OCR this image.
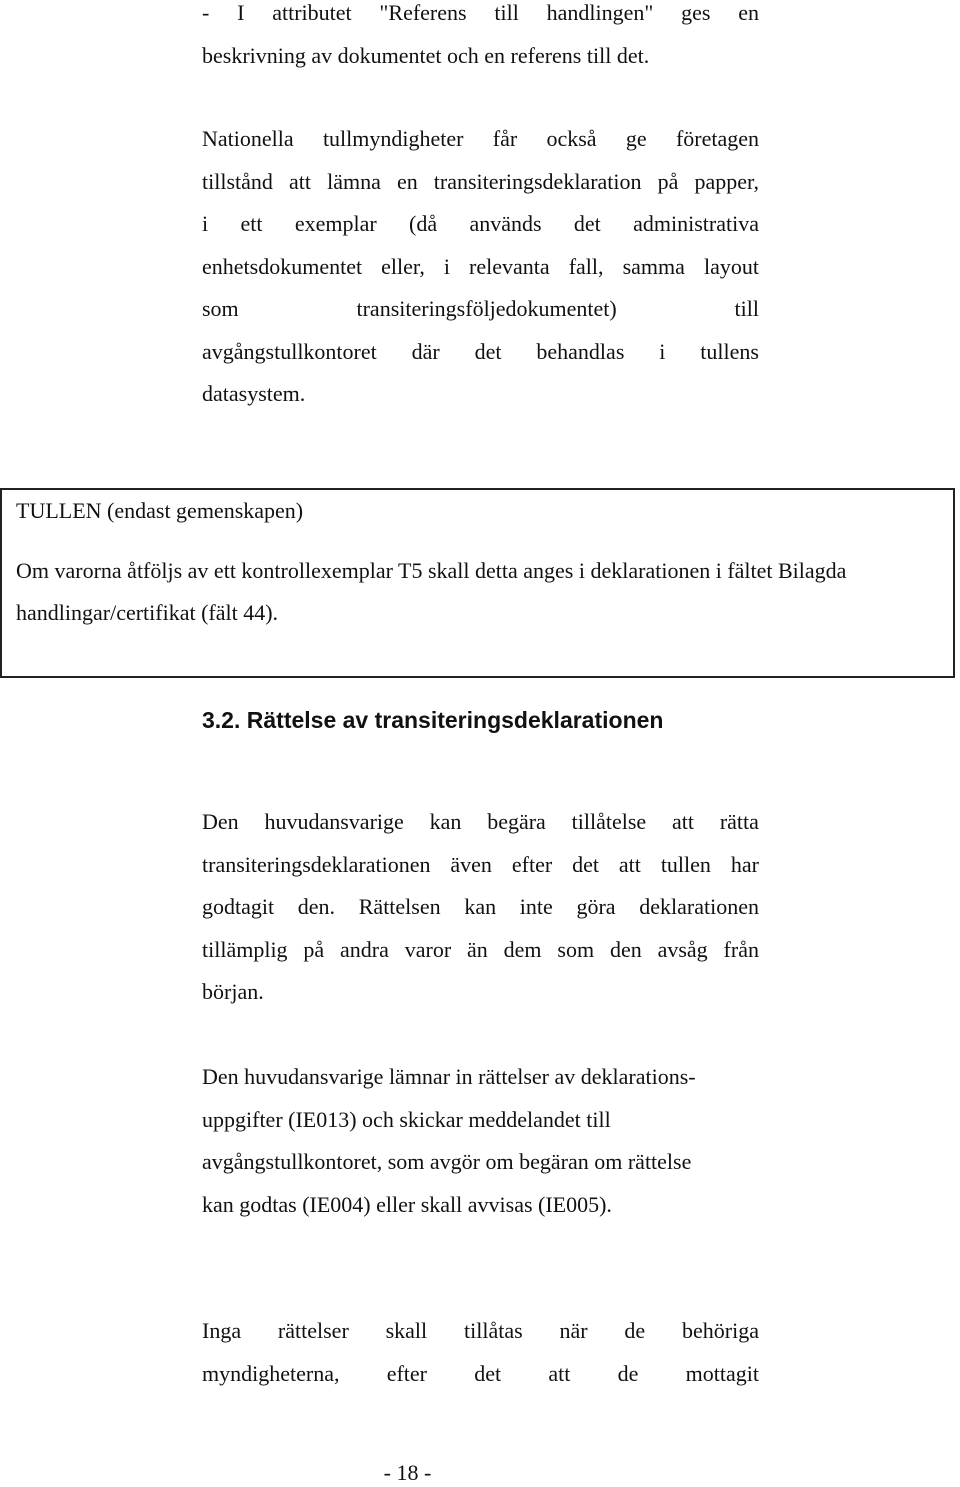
- I attributet "Referens till handlingen" ges en
beskrivning av dokumentet och en referens till det.
Nationella tullmyndigheter får också ge företagen
tillstånd att lämna en transiteringsdeklaration på papper,
i ett exemplar (då används det administrativa
enhetsdokumentet eller, i relevanta fall, samma layout
som	transiteringsföljedokumentet)	till
avgångstullkontoret där det behandlas i tullens
datasystem.

TULLEN (endast gemenskapen)

Om varorna åtföljs av ett kontrollexemplar T5 skall detta anges i deklarationen i fältet Bilagda handlingar/certifikat (fält 44).

3.2. Rättelse av transiteringsdeklarationen
Den huvudansvarige kan begära tillåtelse att rätta
transiteringsdeklarationen även efter det att tullen har
godtagit den. Rättelsen kan inte göra deklarationen
tillämplig på andra varor än dem som den avsåg från
början.
Den huvudansvarige lämnar in rättelser av deklarations-
uppgifter (IE013) och skickar meddelandet till
avgångstullkontoret, som avgör om begäran om rättelse
kan godtas (IE004) eller skall avvisas (IE005).
Inga rättelser skall tillåtas när de behöriga
myndigheterna, efter det att de mottagit

- 18 -
